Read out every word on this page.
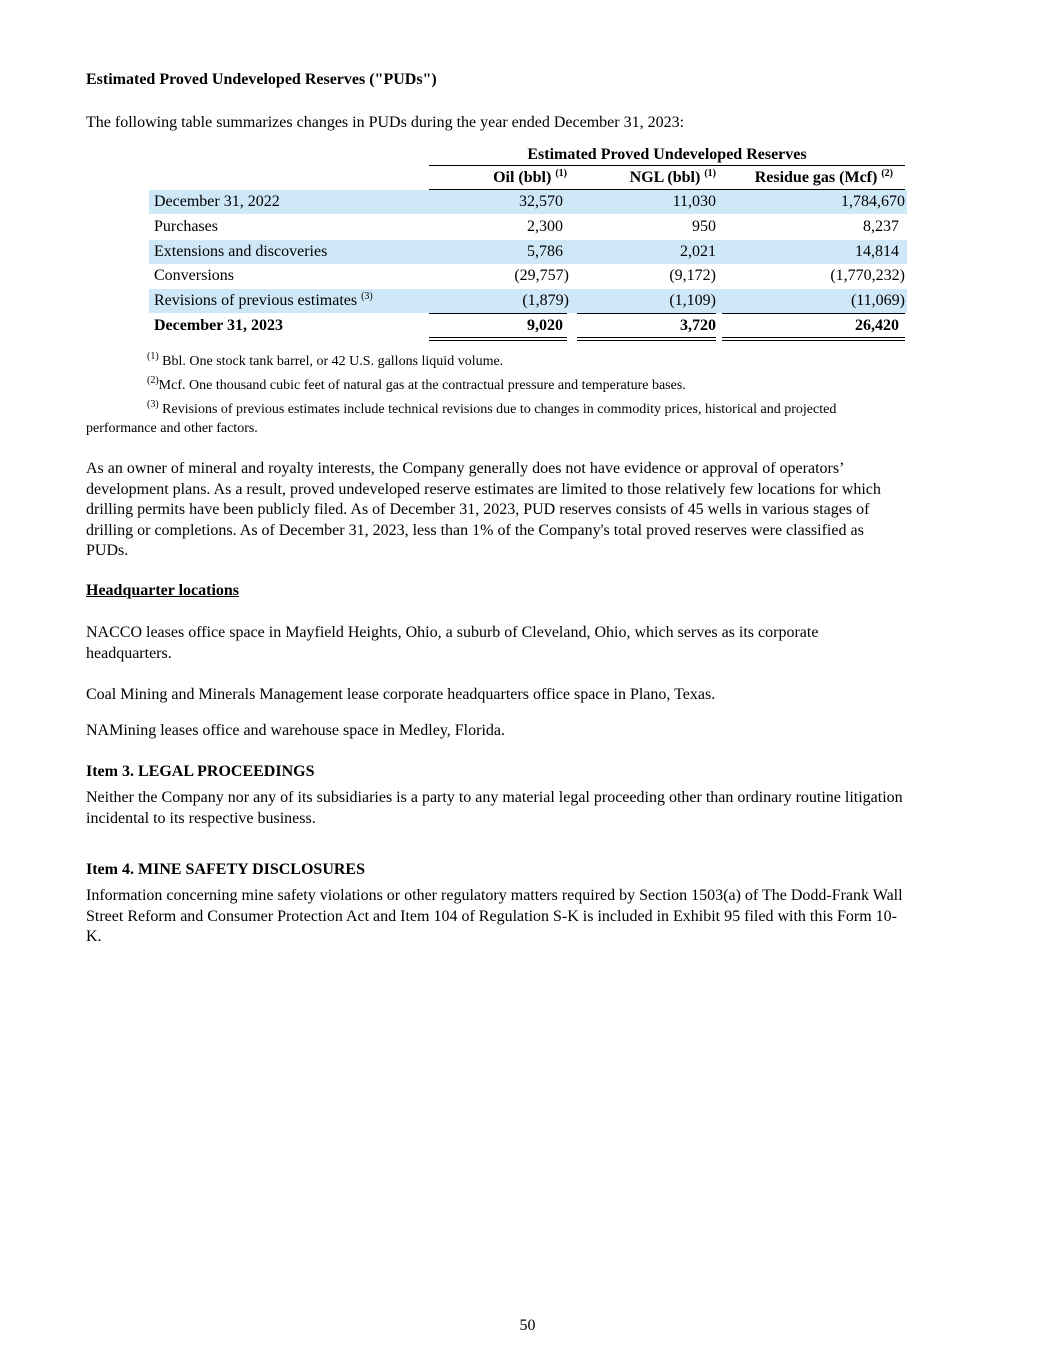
Estimated Proved Undeveloped Reserves ("PUDs")
The following table summarizes changes in PUDs during the year ended December 31, 2023:
Estimated Proved Undeveloped Reserves
Oil (bbl) $^{(1)}$	NGL (bbl) $^{(1)}$	Residue gas (Mcf) $^{(2)}$
December 31, 2022	32,570	11,030	1,784,670
Purchases	2,300	950	8,237
Extensions and discoveries	5,786	2,021	14,814
Conversions	(29,757)	(9,172)	(1,770,232)
Revisions of previous estimates $^{(3)}$	(1,879)	(1,109)	(11,069)
December 31, 2023	9,020	3,720	26,420
$^{(1)}$ Bbl. One stock tank barrel, or 42 U.S. gallons liquid volume.
$^{(2)}$Mcf. One thousand cubic feet of natural gas at the contractual pressure and temperature bases.
$^{(3)}$ Revisions of previous estimates include technical revisions due to changes in commodity prices, historical and projected
performance and other factors.
As an owner of mineral and royalty interests, the Company generally does not have evidence or approval of operators’
development plans. As a result, proved undeveloped reserve estimates are limited to those relatively few locations for which
drilling permits have been publicly filed. As of December 31, 2023, PUD reserves consists of 45 wells in various stages of
drilling or completions. As of December 31, 2023, less than 1% of the Company's total proved reserves were classified as
PUDs.
Headquarter locations
NACCO leases office space in Mayfield Heights, Ohio, a suburb of Cleveland, Ohio, which serves as its corporate
headquarters.
Coal Mining and Minerals Management lease corporate headquarters office space in Plano, Texas.
NAMining leases office and warehouse space in Medley, Florida.
Item 3. LEGAL PROCEEDINGS
Neither the Company nor any of its subsidiaries is a party to any material legal proceeding other than ordinary routine litigation
incidental to its respective business.
Item 4. MINE SAFETY DISCLOSURES
Information concerning mine safety violations or other regulatory matters required by Section 1503(a) of The Dodd-Frank Wall
Street Reform and Consumer Protection Act and Item 104 of Regulation S-K is included in Exhibit 95 filed with this Form 10-
K.
50
